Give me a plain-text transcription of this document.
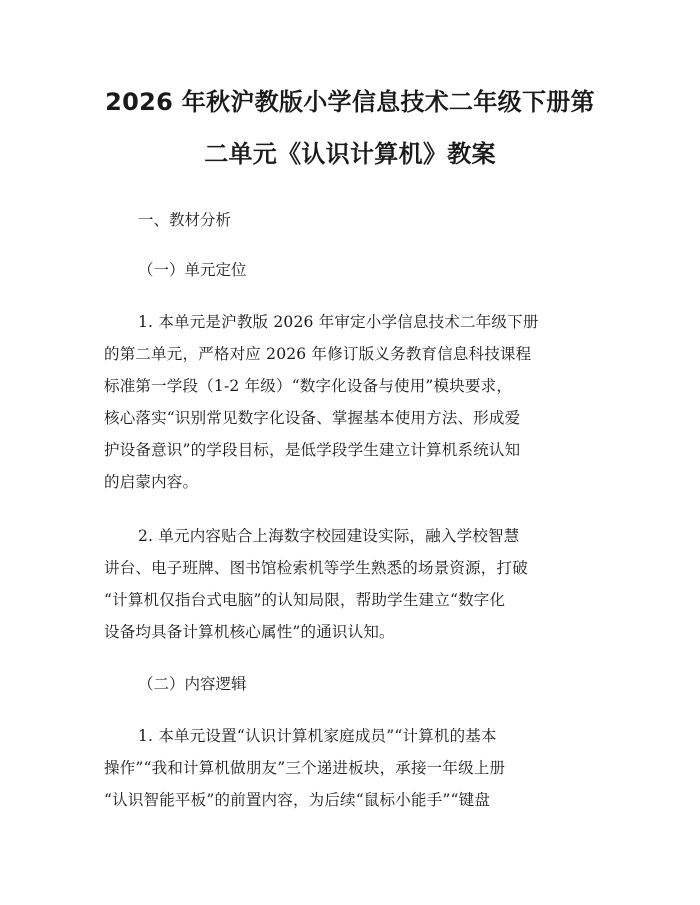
2026 年秋沪教版小学信息技术二年级下册第
二单元《认识计算机》教案
一、教材分析
（一）单元定位

1. 本单元是沪教版 2026 年审定小学信息技术二年级下册
的第二单元，严格对应 2026 年修订版义务教育信息科技课程
标准第一学段（1-2 年级）“数字化设备与使用”模块要求，
核心落实“识别常见数字化设备、掌握基本使用方法、形成爱
护设备意识”的学段目标，是低学段学生建立计算机系统认知
的启蒙内容。

2. 单元内容贴合上海数字校园建设实际，融入学校智慧
讲台、电子班牌、图书馆检索机等学生熟悉的场景资源，打破
“计算机仅指台式电脑”的认知局限，帮助学生建立“数字化
设备均具备计算机核心属性”的通识认知。

（二）内容逻辑

1. 本单元设置“认识计算机家庭成员”“计算机的基本
操作”“我和计算机做朋友”三个递进板块，承接一年级上册
“认识智能平板”的前置内容，为后续“鼠标小能手”“键盘
